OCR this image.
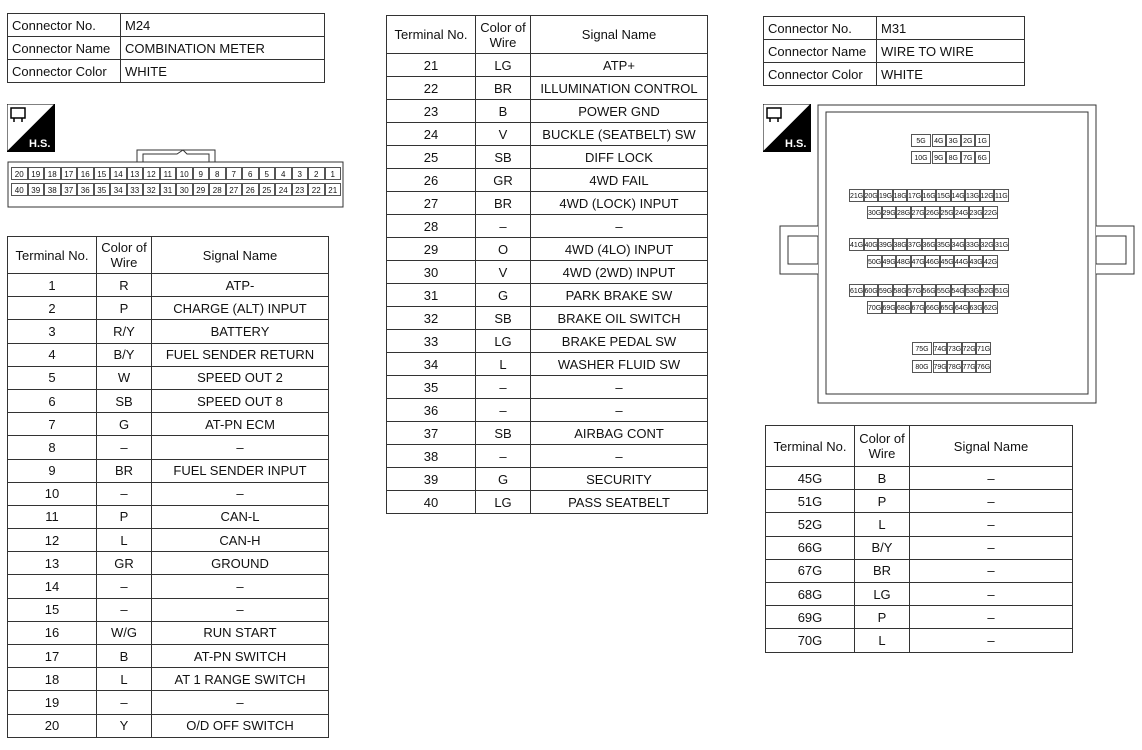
Connector No.	M24
Connector Name	COMBINATION METER
Connector Color	WHITE
H.S.
20 19 18 17 16 15 14 13 12 11 10	9	8	7	6	5	4	3	2	1
40 39 38 37 36 35 34 33 32 31 30 29 28 27 26 25 24 23 22 21
Terminal No.	Color of Wire	Signal Name
1	R	ATP-
2	P	CHARGE (ALT) INPUT
3	R/Y	BATTERY
4	B/Y	FUEL SENDER RETURN
5	W	SPEED OUT 2
6	SB	SPEED OUT 8
7	G	AT-PN ECM
8	–	–
9	BR	FUEL SENDER INPUT
10	–	–
11	P	CAN-L
12	L	CAN-H
13	GR	GROUND
14	–	–
15	–	–
16	W/G	RUN START
17	B	AT-PN SWITCH
18	L	AT 1 RANGE SWITCH
19	–	–
20	Y	O/D OFF SWITCH
Terminal No.	Color of Wire	Signal Name
21	LG	ATP+
22	BR	ILLUMINATION CONTROL
23	B	POWER GND
24	V	BUCKLE (SEATBELT) SW
25	SB	DIFF LOCK
26	GR	4WD FAIL
27	BR	4WD (LOCK) INPUT
28	–	–
29	O	4WD (4LO) INPUT
30	V	4WD (2WD) INPUT
31	G	PARK BRAKE SW
32	SB	BRAKE OIL SWITCH
33	LG	BRAKE PEDAL SW
34	L	WASHER FLUID SW
35	–	–
36	–	–
37	SB	AIRBAG CONT
38	–	–
39	G	SECURITY
40	LG	PASS SEATBELT
Connector No.	M31
Connector Name	WIRE TO WIRE
Connector Color	WHITE
H.S.	5G	4G 3G 2G 1G
10G 9G 8G 7G 6G
21G 20G 19G 18G 17G 16G 15G 14G 13G 12G 11G
30G 29G 28G 27G 26G 25G 24G 23G 22G
41G 40G 39G 38G 37G 36G 35G 34G 33G 32G 31G
50G 49G 48G 47G 46G 45G 44G 43G 42G
61G 60G 59G 58G 57G 56G 55G 54G 53G 52G 51G
70G 69G 68G 67G 66G 65G 64G 63G 62G
75G 74G 73G 72G 71G
80G 79G 78G 77G 76G
Terminal No.	Color of Wire	Signal Name
45G	B	–
51G	P	–
52G	L	–
66G	B/Y	–
67G	BR	–
68G	LG	–
69G	P	–
70G	L	–
